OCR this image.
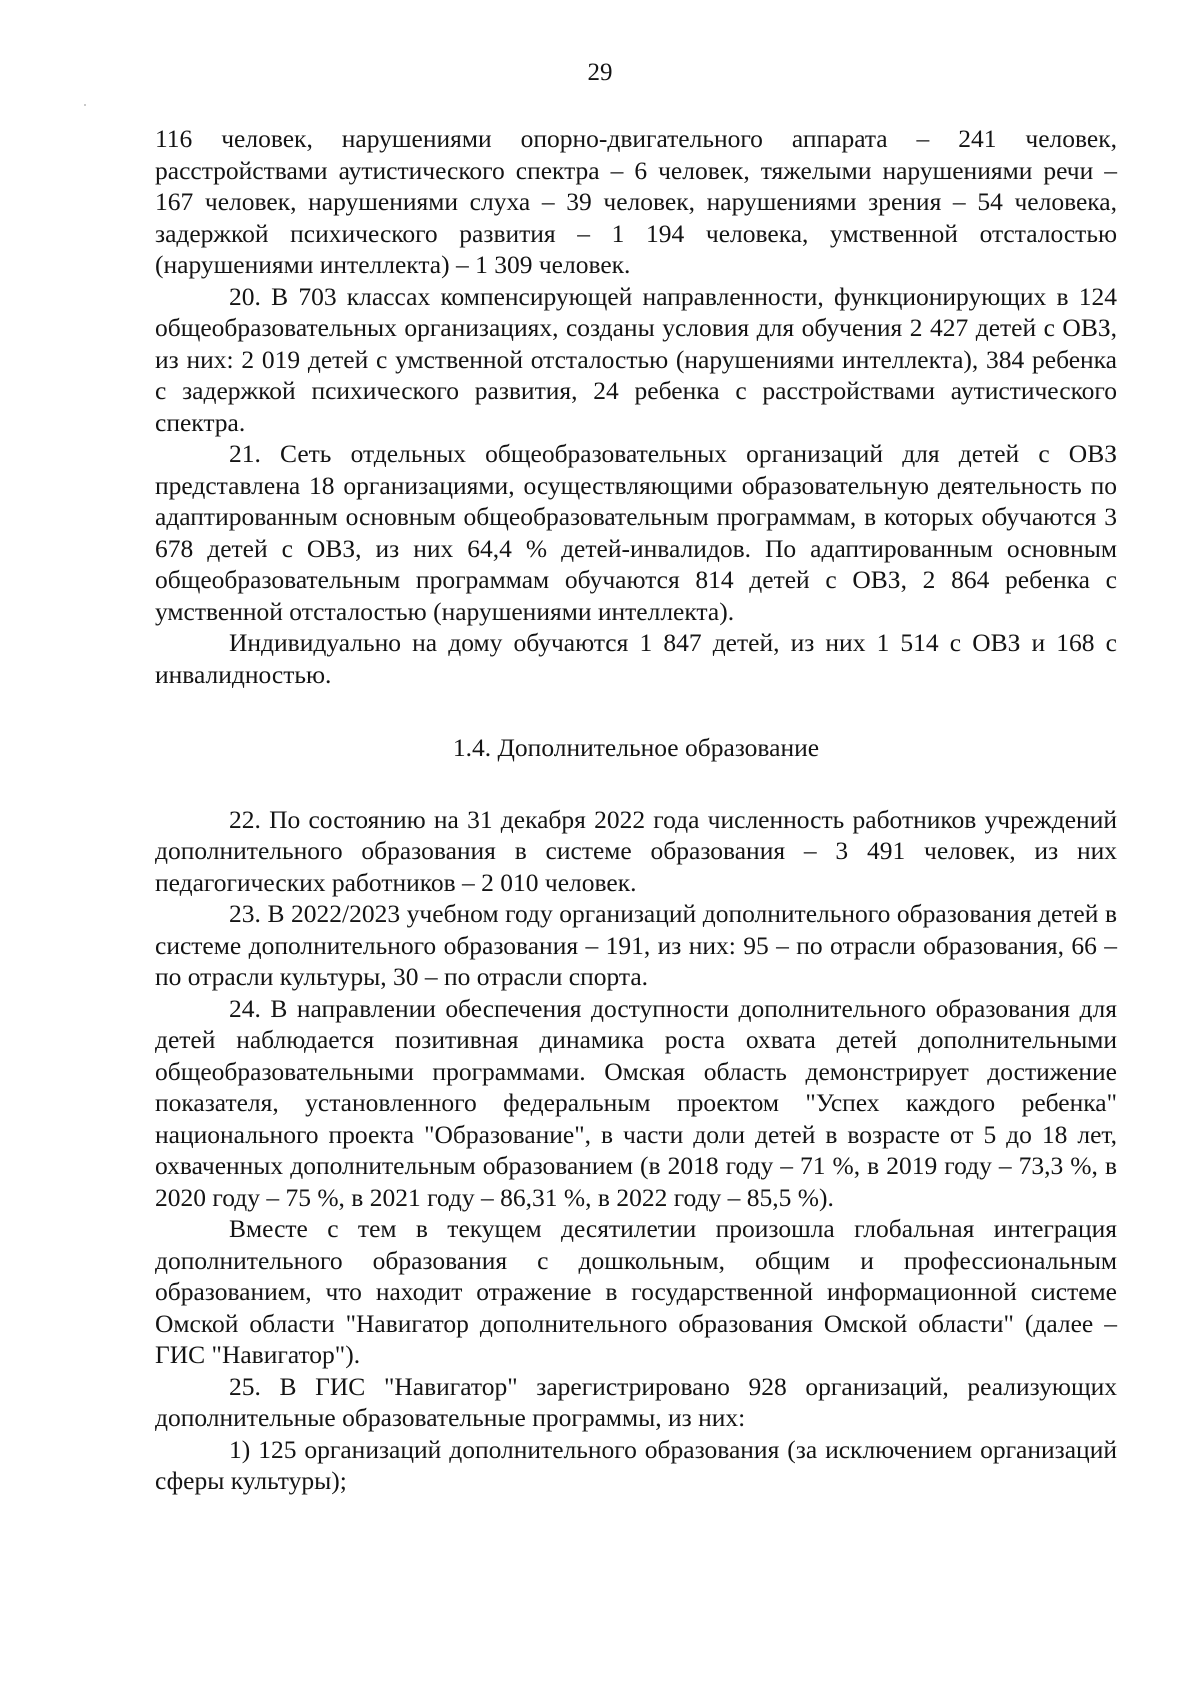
29

116 человек, нарушениями опорно-двигательного аппарата – 241 человек, расстройствами аутистического спектра – 6 человек, тяжелыми нарушениями речи – 167 человек, нарушениями слуха – 39 человек, нарушениями зрения – 54 человека, задержкой психического развития – 1 194 человека, умственной отсталостью (нарушениями интеллекта) – 1 309 человек.

20. В 703 классах компенсирующей направленности, функционирующих в 124 общеобразовательных организациях, созданы условия для обучения 2 427 детей с ОВЗ, из них: 2 019 детей с умственной отсталостью (нарушениями интеллекта), 384 ребенка с задержкой психического развития, 24 ребенка с расстройствами аутистического спектра.

21. Сеть отдельных общеобразовательных организаций для детей с ОВЗ представлена 18 организациями, осуществляющими образовательную деятельность по адаптированным основным общеобразовательным программам, в которых обучаются 3 678 детей с ОВЗ, из них 64,4 % детей-инвалидов. По адаптированным основным общеобразовательным программам обучаются 814 детей с ОВЗ, 2 864 ребенка с умственной отсталостью (нарушениями интеллекта).

Индивидуально на дому обучаются 1 847 детей, из них 1 514 с ОВЗ и 168 с инвалидностью.

1.4. Дополнительное образование

22. По состоянию на 31 декабря 2022 года численность работников учреждений дополнительного образования в системе образования – 3 491 человек, из них педагогических работников – 2 010 человек.

23. В 2022/2023 учебном году организаций дополнительного образования детей в системе дополнительного образования – 191, из них: 95 – по отрасли образования, 66 – по отрасли культуры, 30 – по отрасли спорта.

24. В направлении обеспечения доступности дополнительного образования для детей наблюдается позитивная динамика роста охвата детей дополнительными общеобразовательными программами. Омская область демонстрирует достижение показателя, установленного федеральным проектом "Успех каждого ребенка" национального проекта "Образование", в части доли детей в возрасте от 5 до 18 лет, охваченных дополнительным образованием (в 2018 году – 71 %, в 2019 году – 73,3 %, в 2020 году – 75 %, в 2021 году – 86,31 %, в 2022 году – 85,5 %).

Вместе с тем в текущем десятилетии произошла глобальная интеграция дополнительного образования с дошкольным, общим и профессиональным образованием, что находит отражение в государственной информационной системе Омской области "Навигатор дополнительного образования Омской области" (далее – ГИС "Навигатор").

25. В ГИС "Навигатор" зарегистрировано 928 организаций, реализующих дополнительные образовательные программы, из них:

1) 125 организаций дополнительного образования (за исключением организаций сферы культуры);
